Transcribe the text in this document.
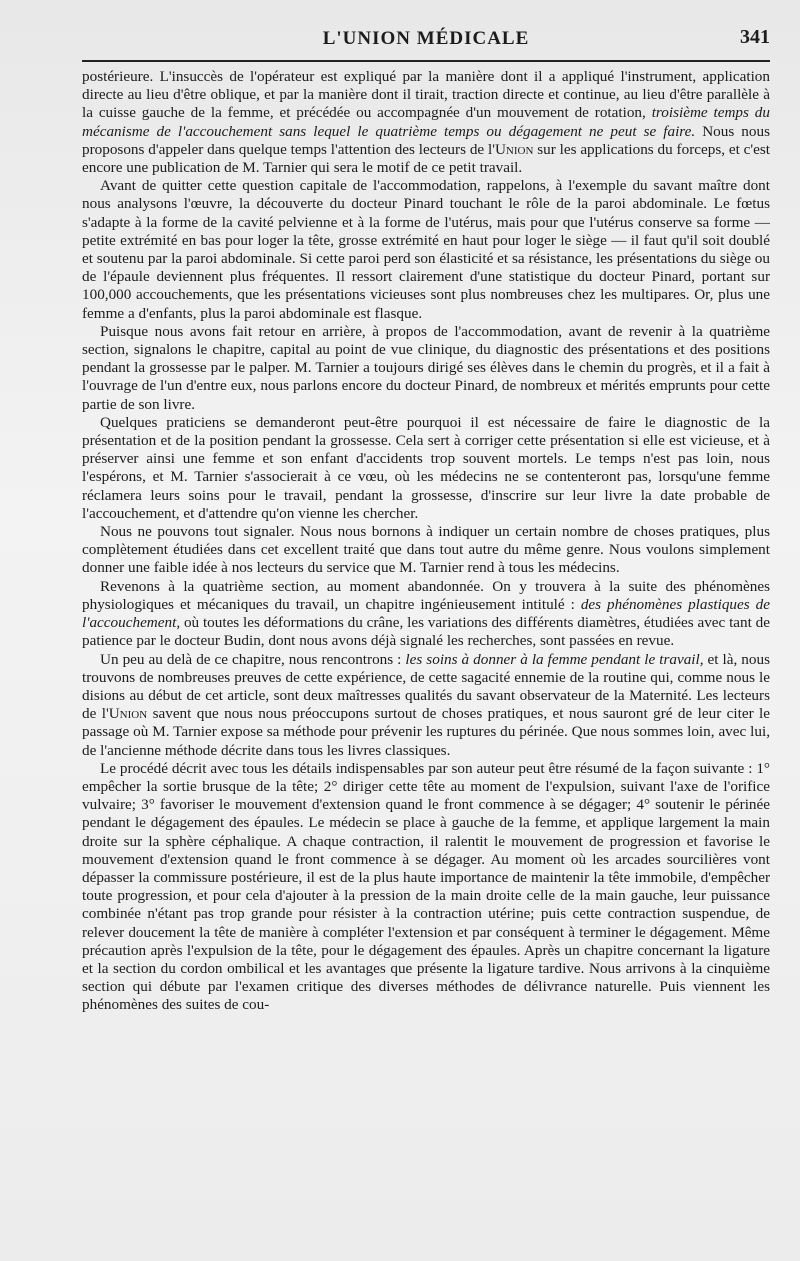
L'UNION MÉDICALE	341

postérieure. L'insuccès de l'opérateur est expliqué par la manière dont il a appliqué l'instrument, application directe au lieu d'être oblique, et par la manière dont il tirait, traction directe et continue, au lieu d'être parallèle à la cuisse gauche de la femme, et précédée ou accompagnée d'un mouvement de rotation, troisième temps du mécanisme de l'accouchement sans lequel le quatrième temps ou dégagement ne peut se faire. Nous nous proposons d'appeler dans quelque temps l'attention des lecteurs de l'Union sur les applications du forceps, et c'est encore une publication de M. Tarnier qui sera le motif de ce petit travail.

Avant de quitter cette question capitale de l'accommodation, rappelons, à l'exemple du savant maître dont nous analysons l'œuvre, la découverte du docteur Pinard touchant le rôle de la paroi abdominale. Le fœtus s'adapte à la forme de la cavité pelvienne et à la forme de l'utérus, mais pour que l'utérus conserve sa forme — petite extrémité en bas pour loger la tête, grosse extrémité en haut pour loger le siège — il faut qu'il soit doublé et soutenu par la paroi abdominale. Si cette paroi perd son élasticité et sa résistance, les présentations du siège ou de l'épaule deviennent plus fréquentes. Il ressort clairement d'une statistique du docteur Pinard, portant sur 100,000 accouchements, que les présentations vicieuses sont plus nombreuses chez les multipares. Or, plus une femme a d'enfants, plus la paroi abdominale est flasque.

Puisque nous avons fait retour en arrière, à propos de l'accommodation, avant de revenir à la quatrième section, signalons le chapitre, capital au point de vue clinique, du diagnostic des présentations et des positions pendant la grossesse par le palper. M. Tarnier a toujours dirigé ses élèves dans le chemin du progrès, et il a fait à l'ouvrage de l'un d'entre eux, nous parlons encore du docteur Pinard, de nombreux et mérités emprunts pour cette partie de son livre.

Quelques praticiens se demanderont peut-être pourquoi il est nécessaire de faire le diagnostic de la présentation et de la position pendant la grossesse. Cela sert à corriger cette présentation si elle est vicieuse, et à préserver ainsi une femme et son enfant d'accidents trop souvent mortels. Le temps n'est pas loin, nous l'espérons, et M. Tarnier s'associerait à ce vœu, où les médecins ne se contenteront pas, lorsqu'une femme réclamera leurs soins pour le travail, pendant la grossesse, d'inscrire sur leur livre la date probable de l'accouchement, et d'attendre qu'on vienne les chercher.

Nous ne pouvons tout signaler. Nous nous bornons à indiquer un certain nombre de choses pratiques, plus complètement étudiées dans cet excellent traité que dans tout autre du même genre. Nous voulons simplement donner une faible idée à nos lecteurs du service que M. Tarnier rend à tous les médecins.

Revenons à la quatrième section, au moment abandonnée. On y trouvera à la suite des phénomènes physiologiques et mécaniques du travail, un chapitre ingénieusement intitulé : des phénomènes plastiques de l'accouchement, où toutes les déformations du crâne, les variations des différents diamètres, étudiées avec tant de patience par le docteur Budin, dont nous avons déjà signalé les recherches, sont passées en revue.

Un peu au delà de ce chapitre, nous rencontrons : les soins à donner à la femme pendant le travail, et là, nous trouvons de nombreuses preuves de cette expérience, de cette sagacité ennemie de la routine qui, comme nous le disions au début de cet article, sont deux maîtresses qualités du savant observateur de la Maternité. Les lecteurs de l'Union savent que nous nous préoccupons surtout de choses pratiques, et nous sauront gré de leur citer le passage où M. Tarnier expose sa méthode pour prévenir les ruptures du périnée. Que nous sommes loin, avec lui, de l'ancienne méthode décrite dans tous les livres classiques.

Le procédé décrit avec tous les détails indispensables par son auteur peut être résumé de la façon suivante : 1° empêcher la sortie brusque de la tête; 2° diriger cette tête au moment de l'expulsion, suivant l'axe de l'orifice vulvaire; 3° favoriser le mouvement d'extension quand le front commence à se dégager; 4° soutenir le périnée pendant le dégagement des épaules. Le médecin se place à gauche de la femme, et applique largement la main droite sur la sphère céphalique. A chaque contraction, il ralentit le mouvement de progression et favorise le mouvement d'extension quand le front commence à se dégager. Au moment où les arcades sourcilières vont dépasser la commissure postérieure, il est de la plus haute importance de maintenir la tête immobile, d'empêcher toute progression, et pour cela d'ajouter à la pression de la main droite celle de la main gauche, leur puissance combinée n'étant pas trop grande pour résister à la contraction utérine; puis cette contraction suspendue, de relever doucement la tête de manière à compléter l'extension et par conséquent à terminer le dégagement. Même précaution après l'expulsion de la tête, pour le dégagement des épaules. Après un chapitre concernant la ligature et la section du cordon ombilical et les avantages que présente la ligature tardive. Nous arrivons à la cinquième section qui débute par l'examen critique des diverses méthodes de délivrance naturelle. Puis viennent les phénomènes des suites de cou-
